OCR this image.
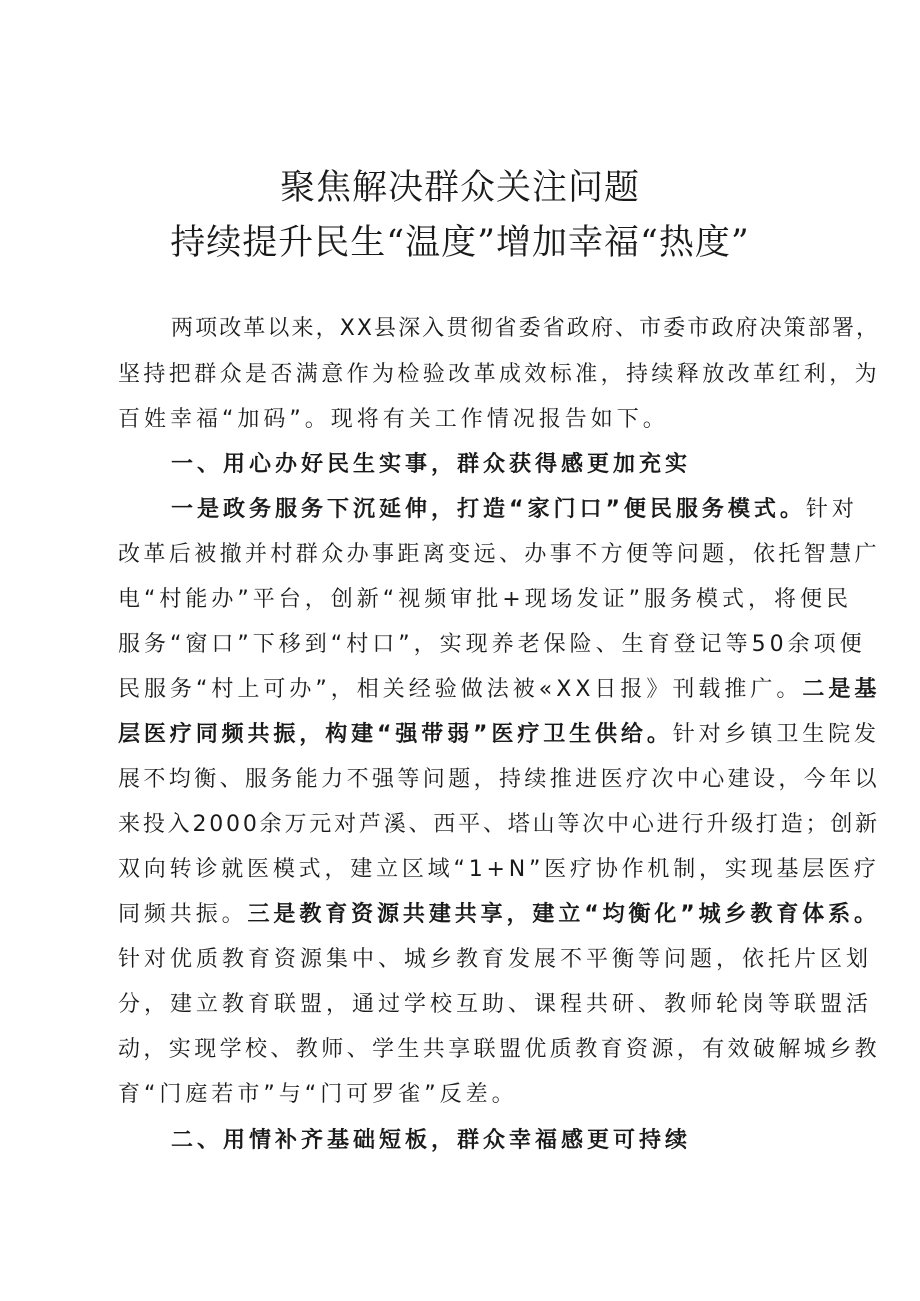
聚焦解决群众关注问题
持续提升民生“温度”增加幸福“热度”
两项改革以来，XX县深入贯彻省委省政府、市委市政府决策部署，
坚持把群众是否满意作为检验改革成效标准，持续释放改革红利，为
百姓幸福“加码”。现将有关工作情况报告如下。
一、用心办好民生实事，群众获得感更加充实
一是政务服务下沉延伸，打造“家门口”便民服务模式。针对
改革后被撤并村群众办事距离变远、办事不方便等问题，依托智慧广
电“村能办”平台，创新“视频审批+现场发证”服务模式，将便民
服务“窗口”下移到“村口”，实现养老保险、生育登记等50余项便
民服务“村上可办”，相关经验做法被«XX日报》刊载推广。二是基
层医疗同频共振，构建“强带弱”医疗卫生供给。针对乡镇卫生院发
展不均衡、服务能力不强等问题，持续推进医疗次中心建设，今年以
来投入2000余万元对芦溪、西平、塔山等次中心进行升级打造；创新
双向转诊就医模式，建立区域“1+N”医疗协作机制，实现基层医疗
同频共振。三是教育资源共建共享，建立“均衡化”城乡教育体系。
针对优质教育资源集中、城乡教育发展不平衡等问题，依托片区划
分，建立教育联盟，通过学校互助、课程共研、教师轮岗等联盟活
动，实现学校、教师、学生共享联盟优质教育资源，有效破解城乡教
育“门庭若市”与“门可罗雀”反差。
二、用情补齐基础短板，群众幸福感更可持续
